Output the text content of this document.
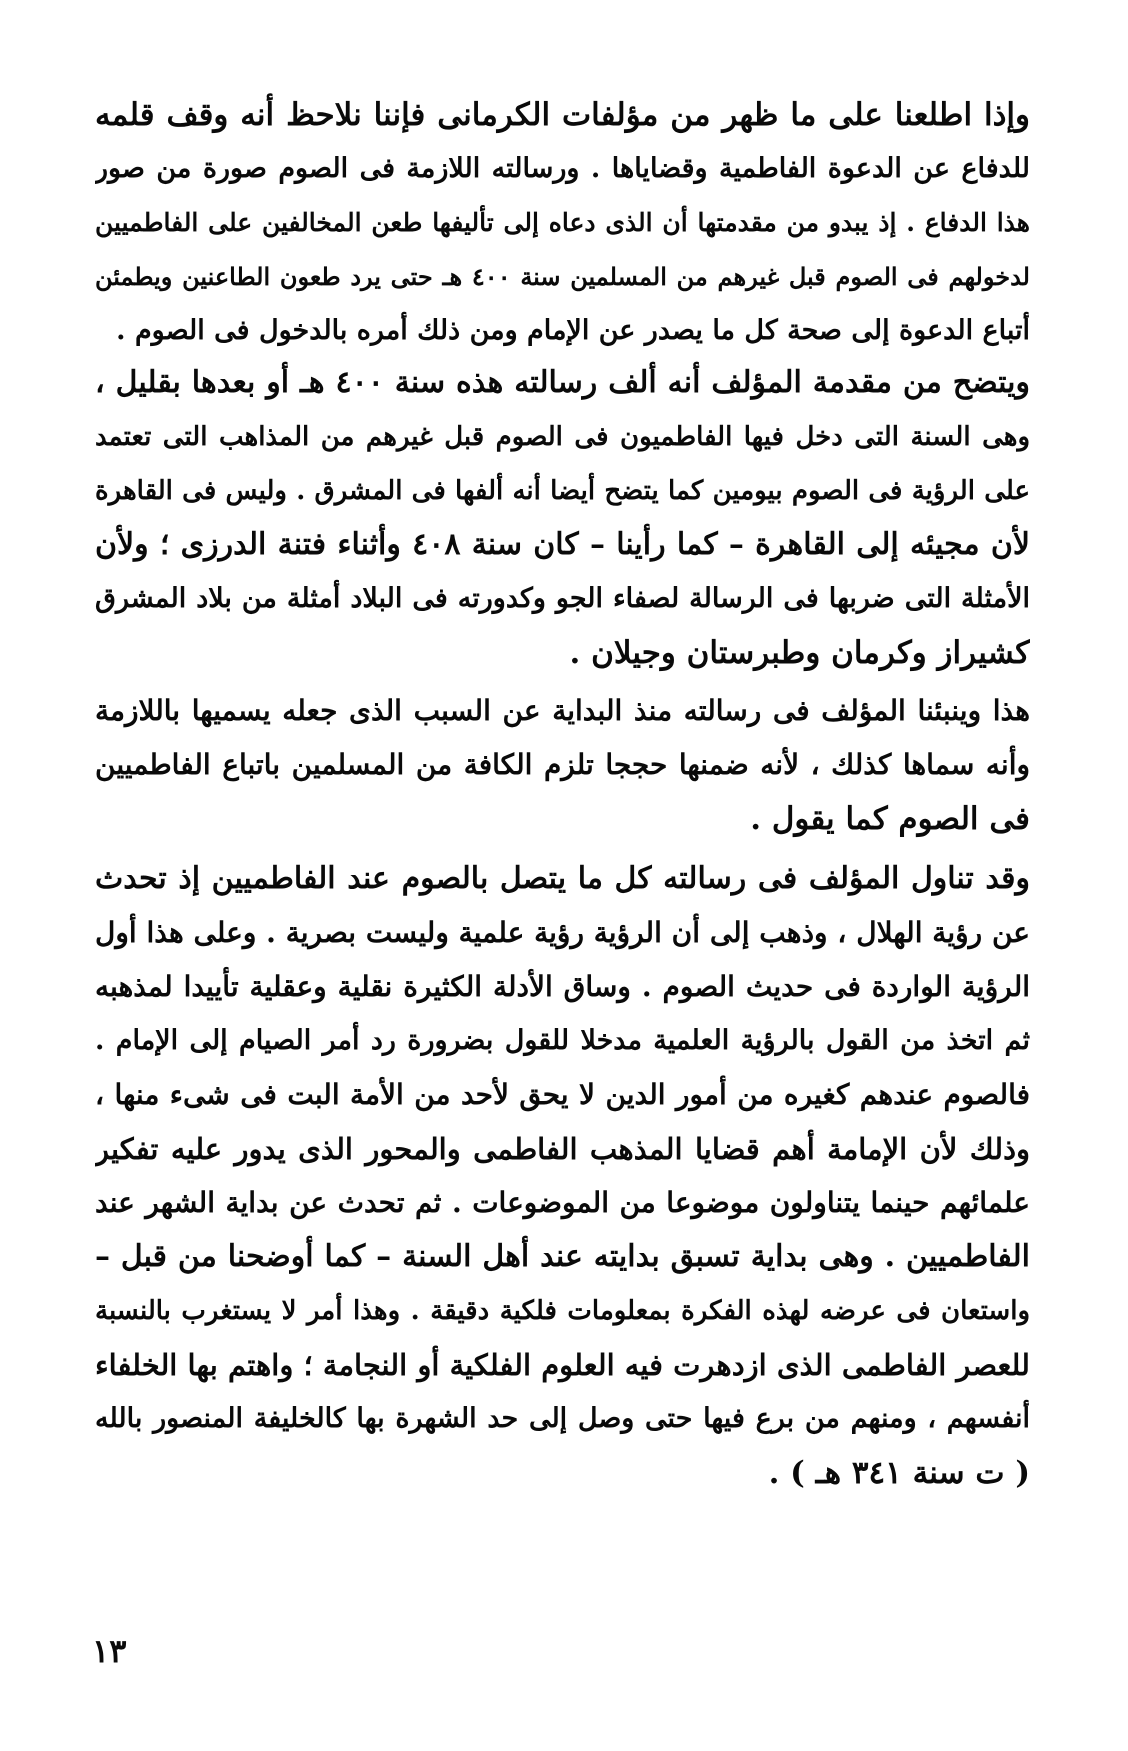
وإذا اطلعنا على ما ظهر من مؤلفات الكرمانى فإننا نلاحظ أنه وقف قلمه
للدفاع عن الدعوة الفاطمية وقضاياها . ورسالته اللازمة فى الصوم صورة من صور
هذا الدفاع . إذ يبدو من مقدمتها أن الذى دعاه إلى تأليفها طعن المخالفين على الفاطميين
لدخولهم فى الصوم قبل غيرهم من المسلمين سنة ٤٠٠ هـ حتى يرد طعون الطاعنين ويطمئن
أتباع الدعوة إلى صحة كل ما يصدر عن الإمام ومن ذلك أمره بالدخول فى الصوم .
ويتضح من مقدمة المؤلف أنه ألف رسالته هذه سنة ٤٠٠ هـ أو بعدها بقليل ،
وهى السنة التى دخل فيها الفاطميون فى الصوم قبل غيرهم من المذاهب التى تعتمد
على الرؤية فى الصوم بيومين كما يتضح أيضا أنه ألفها فى المشرق . وليس فى القاهرة
لأن مجيئه إلى القاهرة – كما رأينا – كان سنة ٤٠٨ وأثناء فتنة الدرزى ؛ ولأن
الأمثلة التى ضربها فى الرسالة لصفاء الجو وكدورته فى البلاد أمثلة من بلاد المشرق
كشيراز وكرمان وطبرستان وجيلان .
هذا وينبئنا المؤلف فى رسالته منذ البداية عن السبب الذى جعله يسميها باللازمة
وأنه سماها كذلك ، لأنه ضمنها حججا تلزم الكافة من المسلمين باتباع الفاطميين
فى الصوم كما يقول .
وقد تناول المؤلف فى رسالته كل ما يتصل بالصوم عند الفاطميين إذ تحدث
عن رؤية الهلال ، وذهب إلى أن الرؤية رؤية علمية وليست بصرية . وعلى هذا أول
الرؤية الواردة فى حديث الصوم . وساق الأدلة الكثيرة نقلية وعقلية تأييدا لمذهبه
ثم اتخذ من القول بالرؤية العلمية مدخلا للقول بضرورة رد أمر الصيام إلى الإمام .
فالصوم عندهم كغيره من أمور الدين لا يحق لأحد من الأمة البت فى شىء منها ،
وذلك لأن الإمامة أهم قضايا المذهب الفاطمى والمحور الذى يدور عليه تفكير
علمائهم حينما يتناولون موضوعا من الموضوعات . ثم تحدث عن بداية الشهر عند
الفاطميين . وهى بداية تسبق بدايته عند أهل السنة – كما أوضحنا من قبل –
واستعان فى عرضه لهذه الفكرة بمعلومات فلكية دقيقة . وهذا أمر لا يستغرب بالنسبة
للعصر الفاطمى الذى ازدهرت فيه العلوم الفلكية أو النجامة ؛ واهتم بها الخلفاء
أنفسهم ، ومنهم من برع فيها حتى وصل إلى حد الشهرة بها كالخليفة المنصور بالله
( ت سنة ٣٤١ هـ ) .
١٣
